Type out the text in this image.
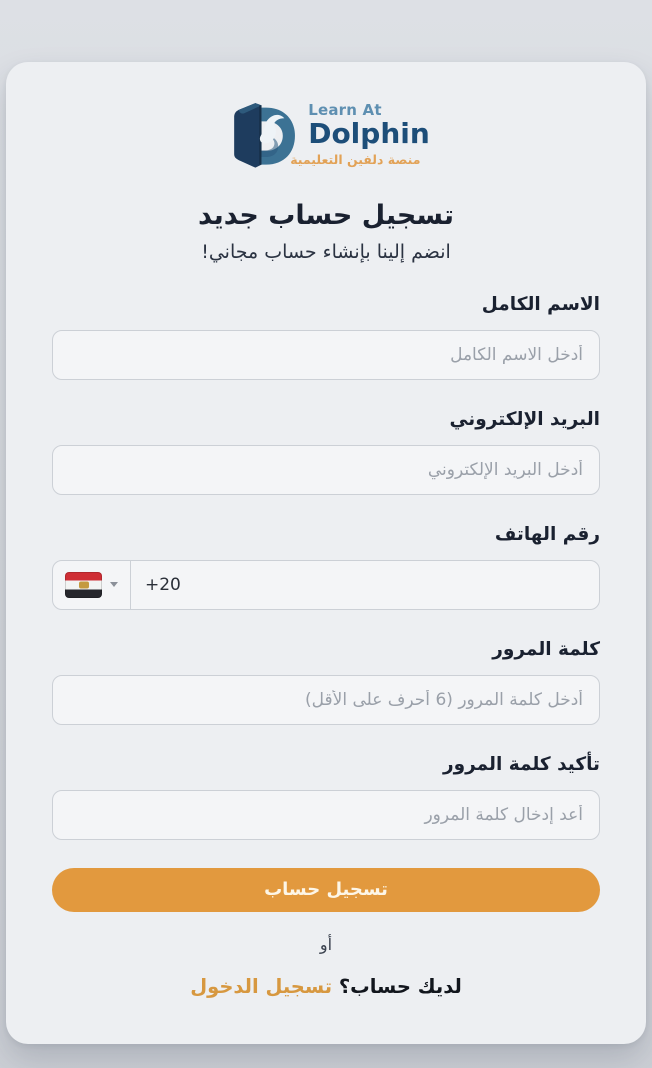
Learn At
Dolphin
منصة دلفين التعليمية
تسجيل حساب جديد
انضم إلينا بإنشاء حساب مجاني!
الاسم الكامل
أدخل الاسم الكامل
البريد الإلكتروني
أدخل البريد الإلكتروني
رقم الهاتف
+20
كلمة المرور
أدخل كلمة المرور (6 أحرف على الأقل)
تأكيد كلمة المرور
أعد إدخال كلمة المرور
تسجيل حساب
أو
لديك حساب؟ تسجيل الدخول
